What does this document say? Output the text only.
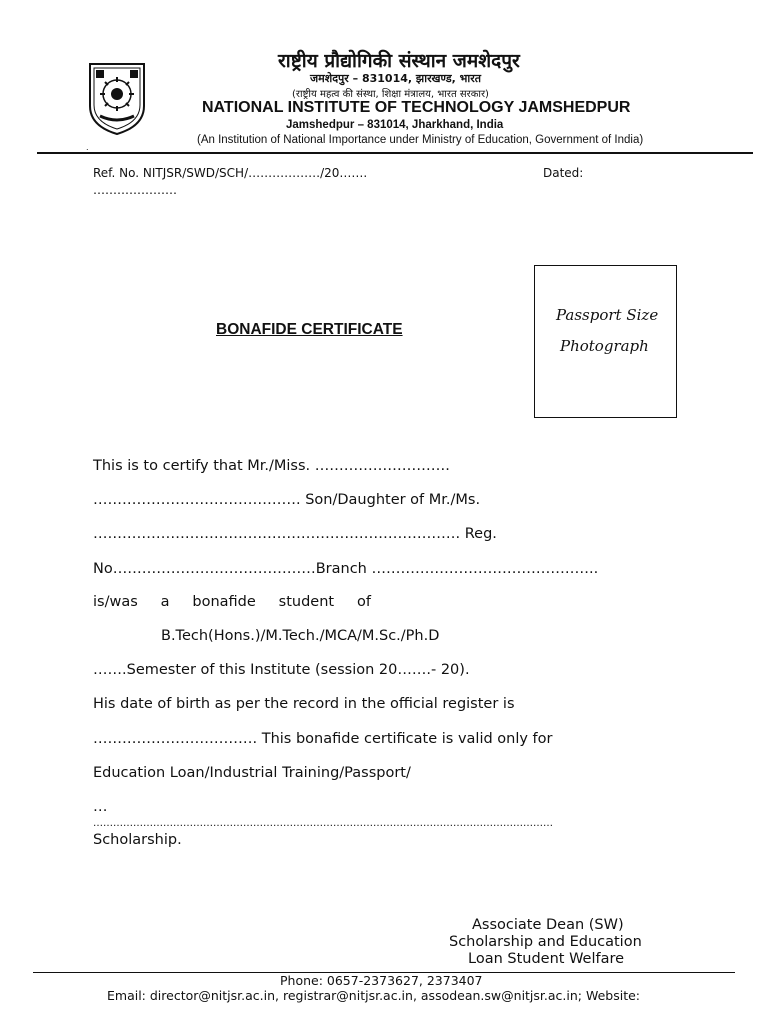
राष्ट्रीय प्रौद्योगिकी संस्थान जमशेदपुर
जमशेदपुर – 831014, झारखण्ड, भारत
(राष्ट्रीय महत्व की संस्था, शिक्षा मंत्रालय, भारत सरकार)
NATIONAL INSTITUTE OF TECHNOLOGY JAMSHEDPUR
Jamshedpur – 831014, Jharkhand, India
(An Institution of National Importance under Ministry of Education, Government of India)
.
Ref. No. NITJSR/SWD/SCH/………………/20…….
…………………
Dated:
Passport Size
Photograph
BONAFIDE CERTIFICATE
This is to certify that Mr./Miss. ……………………….
……………………………………. Son/Daughter of Mr./Ms.
…………………………………………………………………. Reg.
No……………………………………Branch ………………………………………..
is/was a bonafide student of
B.Tech(Hons.)/M.Tech./MCA/M.Sc./Ph.D
…….Semester of this Institute (session 20…….- 20).
His date of birth as per the record in the official register is
……………………………. This bonafide certificate is valid only for
Education Loan/Industrial Training/Passport/
…
…………………………………………………………………………………………………………………………
Scholarship.
Associate Dean (SW)
Scholarship and Education
Loan Student Welfare
Phone: 0657-2373627, 2373407
Email: director@nitjsr.ac.in, registrar@nitjsr.ac.in, assodean.sw@nitjsr.ac.in; Website:
